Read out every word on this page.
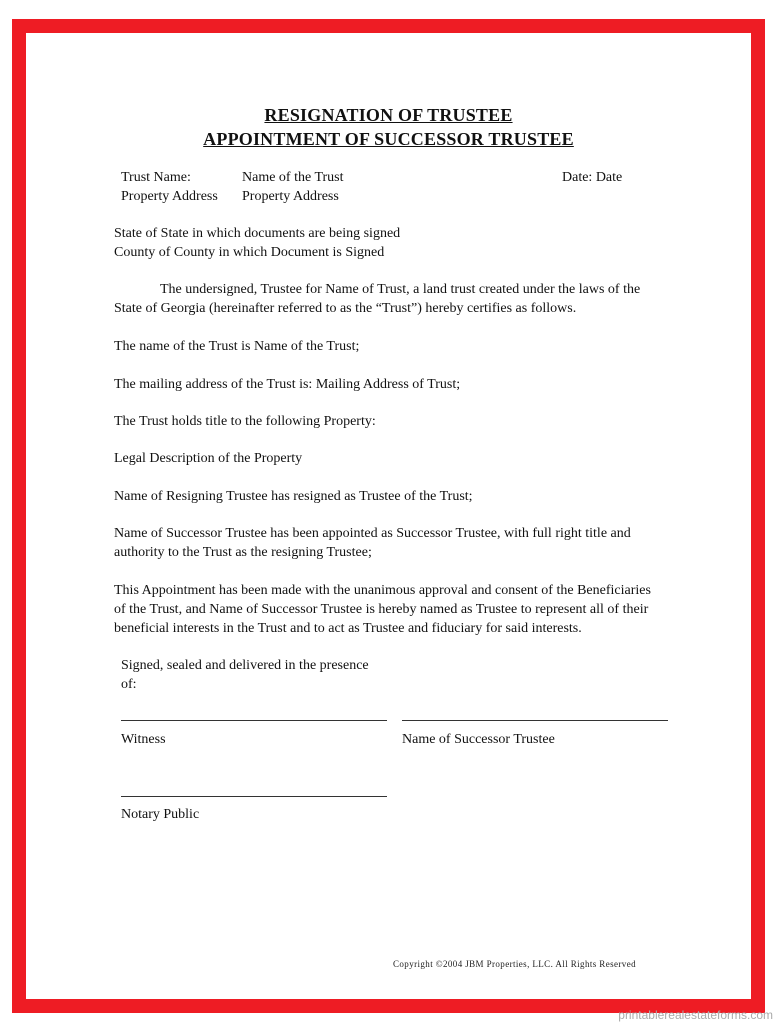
RESIGNATION OF TRUSTEE
APPOINTMENT OF SUCCESSOR TRUSTEE
Trust Name:	Name of the Trust	Date: Date
Property Address Property Address
State of State in which documents are being signed
County of County in which Document is Signed
The undersigned, Trustee for Name of Trust, a land trust created under the laws of the State of Georgia (hereinafter referred to as the “Trust”) hereby certifies as follows.
The name of the Trust is Name of the Trust;
The mailing address of the Trust is: Mailing Address of Trust;
The Trust holds title to the following Property:
Legal Description of the Property
Name of Resigning Trustee has resigned as Trustee of the Trust;
Name of Successor Trustee has been appointed as Successor Trustee, with full right title and authority to the Trust as the resigning Trustee;
This Appointment has been made with the unanimous approval and consent of the Beneficiaries of the Trust, and Name of Successor Trustee is hereby named as Trustee to represent all of their beneficial interests in the Trust and to act as Trustee and fiduciary for said interests.
Signed, sealed and delivered in the presence
of:
Witness	Name of Successor Trustee
Notary Public
Copyright ©2004 JBM Properties, LLC. All Rights Reserved
printablerealestateforms.com
